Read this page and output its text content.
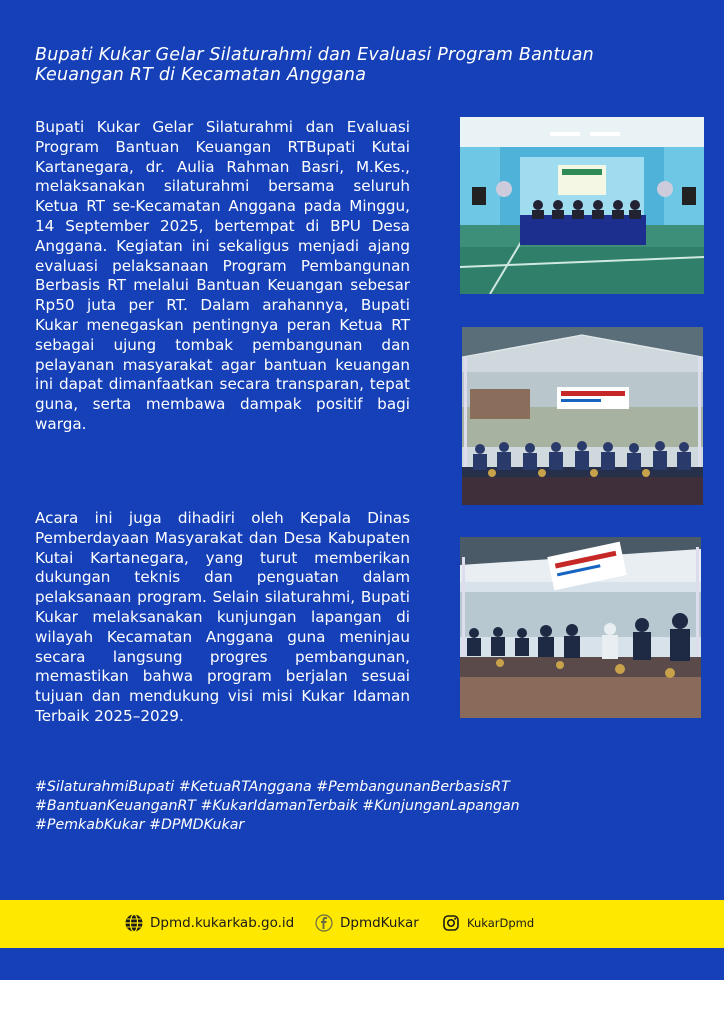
Bupati Kukar Gelar Silaturahmi dan Evaluasi Program Bantuan Keuangan RT di Kecamatan Anggana
Bupati Kukar Gelar Silaturahmi dan Evaluasi Program Bantuan Keuangan RTBupati Kutai Kartanegara, dr. Aulia Rahman Basri, M.Kes., melaksanakan silaturahmi bersama seluruh Ketua RT se-Kecamatan Anggana pada Minggu, 14 September 2025, bertempat di BPU Desa Anggana. Kegiatan ini sekaligus menjadi ajang evaluasi pelaksanaan Program Pembangunan Berbasis RT melalui Bantuan Keuangan sebesar Rp50 juta per RT. Dalam arahannya, Bupati Kukar menegaskan pentingnya peran Ketua RT sebagai ujung tombak pembangunan dan pelayanan masyarakat agar bantuan keuangan ini dapat dimanfaatkan secara transparan, tepat guna, serta membawa dampak positif bagi warga.
Acara ini juga dihadiri oleh Kepala Dinas Pemberdayaan Masyarakat dan Desa Kabupaten Kutai Kartanegara, yang turut memberikan dukungan teknis dan penguatan dalam pelaksanaan program. Selain silaturahmi, Bupati Kukar melaksanakan kunjungan lapangan di wilayah Kecamatan Anggana guna meninjau secara langsung progres pembangunan, memastikan bahwa program berjalan sesuai tujuan dan mendukung visi misi Kukar Idaman Terbaik 2025–2029.
#SilaturahmiBupati #KetuaRTAnggana #PembangunanBerbasisRT
#BantuanKeuanganRT #KukarIdamanTerbaik #KunjunganLapangan
#PemkabKukar #DPMDKukar
Dpmd.kukarkab.go.id	DpmdKukar	KukarDpmd
